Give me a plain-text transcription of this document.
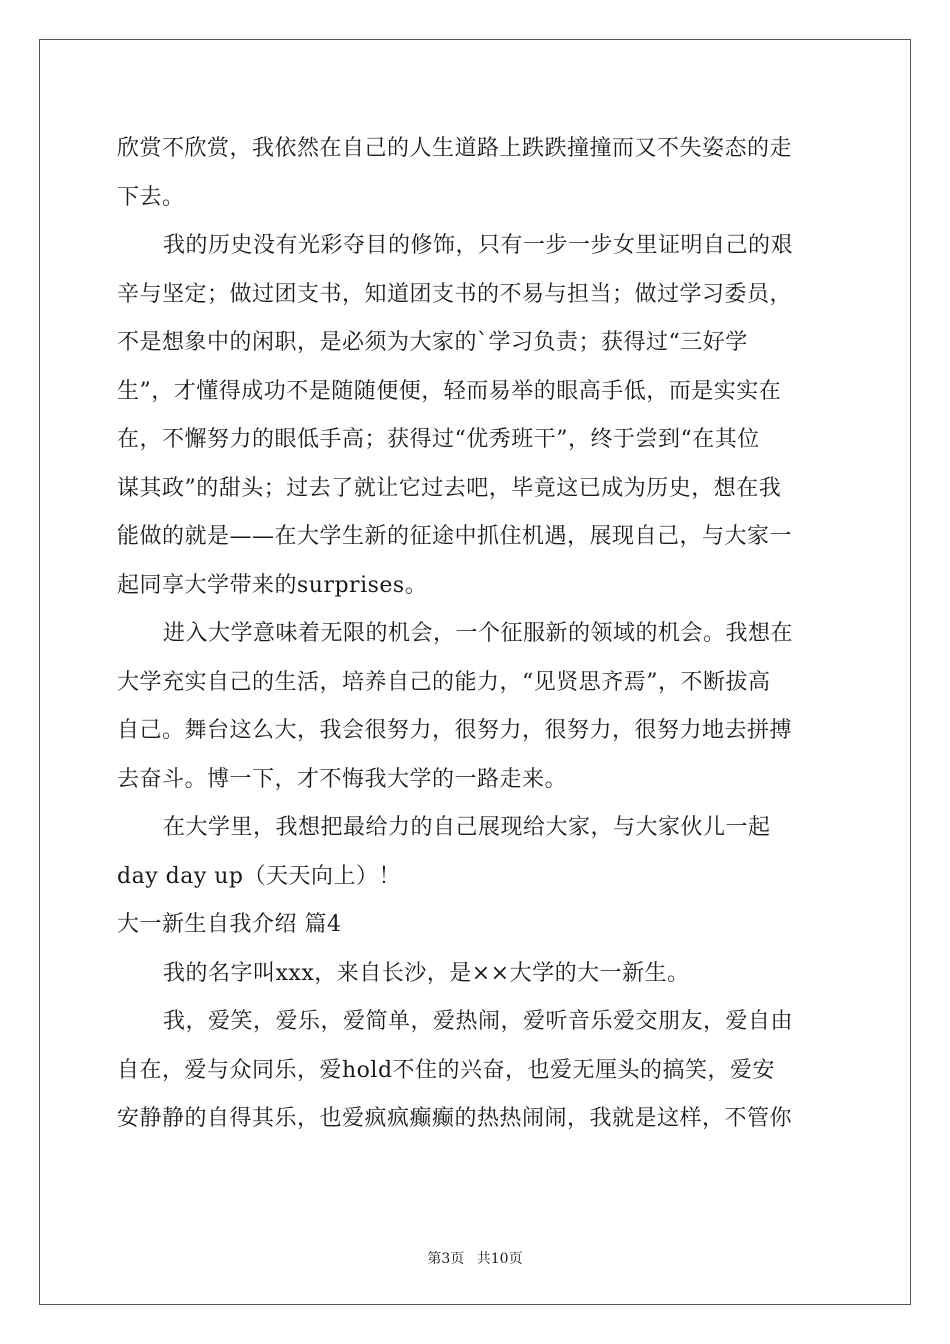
欣赏不欣赏，我依然在自己的人生道路上跌跌撞撞而又不失姿态的走
下去。
我的历史没有光彩夺目的修饰，只有一步一步女里证明自己的艰
辛与坚定；做过团支书，知道团支书的不易与担当；做过学习委员，
不是想象中的闲职，是必须为大家的`学习负责；获得过“三好学
生”，才懂得成功不是随随便便，轻而易举的眼高手低，而是实实在
在，不懈努力的眼低手高；获得过“优秀班干”，终于尝到“在其位
谋其政”的甜头；过去了就让它过去吧，毕竟这已成为历史，想在我
能做的就是——在大学生新的征途中抓住机遇，展现自己，与大家一
起同享大学带来的surprises。
进入大学意味着无限的机会，一个征服新的领域的机会。我想在
大学充实自己的生活，培养自己的能力，“见贤思齐焉”，不断拔高
自己。舞台这么大，我会很努力，很努力，很努力，很努力地去拼搏
去奋斗。博一下，才不悔我大学的一路走来。
在大学里，我想把最给力的自己展现给大家，与大家伙儿一起
day day up（天天向上）！
大一新生自我介绍 篇4
我的名字叫xxx，来自长沙，是××大学的大一新生。
我，爱笑，爱乐，爱简单，爱热闹，爱听音乐爱交朋友，爱自由
自在，爱与众同乐，爱hold不住的兴奋，也爱无厘头的搞笑，爱安
安静静的自得其乐，也爱疯疯癫癫的热热闹闹，我就是这样，不管你
第3页 共10页
